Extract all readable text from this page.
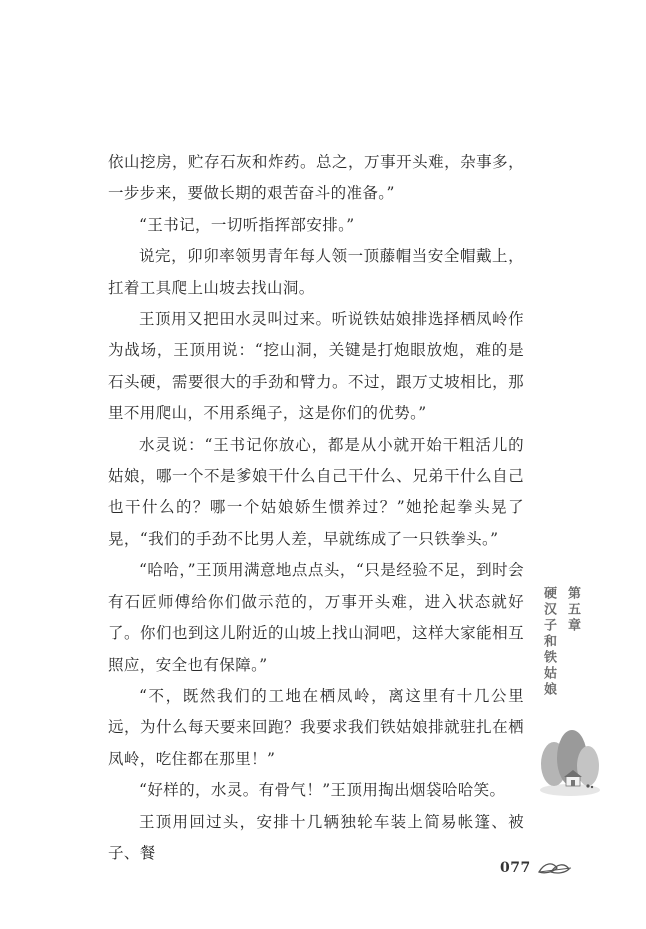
依山挖房，贮存石灰和炸药。总之，万事开头难，杂事多，一步步来，要做长期的艰苦奋斗的准备。”

“王书记，一切听指挥部安排。”

说完，卯卯率领男青年每人领一顶藤帽当安全帽戴上，扛着工具爬上山坡去找山洞。

王顶用又把田水灵叫过来。听说铁姑娘排选择栖凤岭作为战场，王顶用说：“挖山洞，关键是打炮眼放炮，难的是石头硬，需要很大的手劲和臂力。不过，跟万丈坡相比，那里不用爬山，不用系绳子，这是你们的优势。”

水灵说：“王书记你放心，都是从小就开始干粗活儿的姑娘，哪一个不是爹娘干什么自己干什么、兄弟干什么自己也干什么的？哪一个姑娘娇生惯养过？”她抡起拳头晃了晃，“我们的手劲不比男人差，早就练成了一只铁拳头。”

“哈哈，”王顶用满意地点点头，“只是经验不足，到时会有石匠师傅给你们做示范的，万事开头难，进入状态就好了。你们也到这儿附近的山坡上找山洞吧，这样大家能相互照应，安全也有保障。”

“不，既然我们的工地在栖凤岭，离这里有十几公里远，为什么每天要来回跑？我要求我们铁姑娘排就驻扎在栖凤岭，吃住都在那里！”

“好样的，水灵。有骨气！”王顶用掏出烟袋哈哈笑。

王顶用回过头，安排十几辆独轮车装上简易帐篷、被子、餐

第五章
硬汉子和铁姑娘
077
